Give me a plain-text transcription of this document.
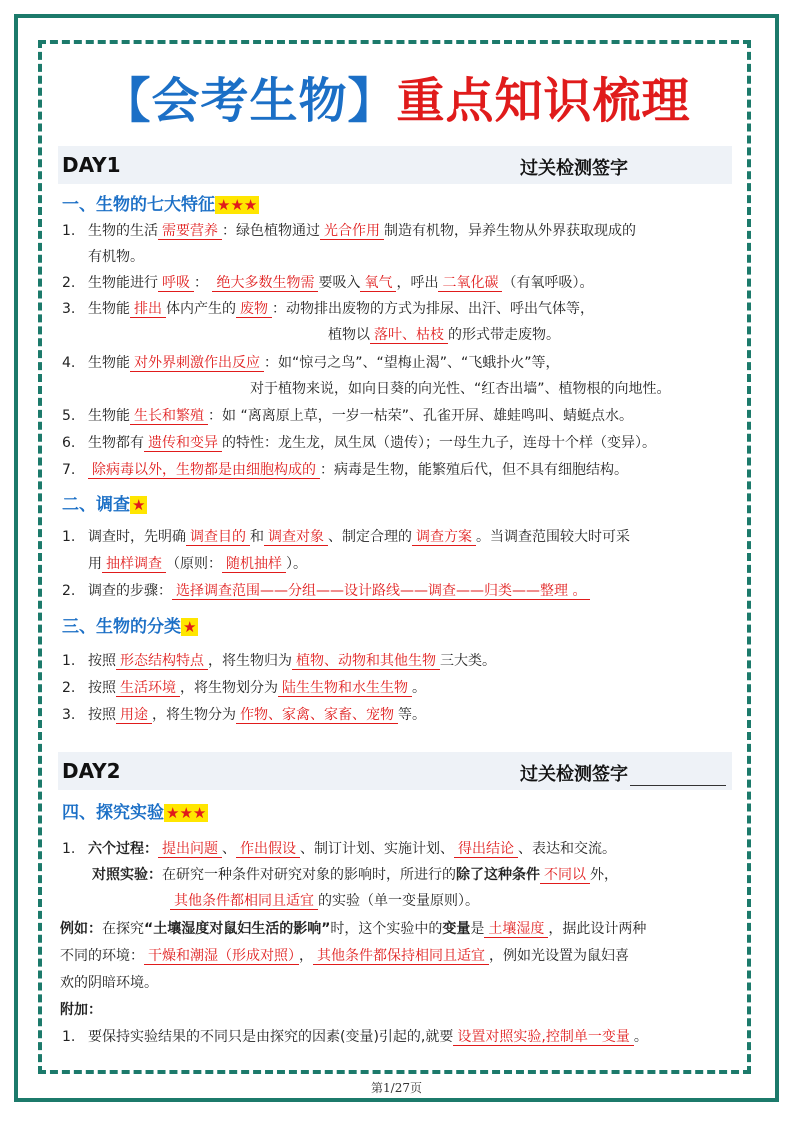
【会考生物】重点知识梳理
DAY1	过关检测签字
一、生物的七大特征 ★★★
1. 生物的生活 需要营养 ：绿色植物通过 光合作用 制造有机物，异养生物从外界获取现成的
有机物。
2. 生物能进行 呼吸 ： 绝大多数生物需 要吸入 氧气 ，呼出 二氧化碳 （有氧呼吸）。
3. 生物能 排出 体内产生的 废物 ：动物排出废物的方式为排尿、出汗、呼出气体等，
植物以 落叶、枯枝 的形式带走废物。
4. 生物能 对外界刺激作出反应 ：如“惊弓之鸟”、“望梅止渴”、“飞蛾扑火”等，
对于植物来说，如向日葵的向光性、“红杏出墙”、植物根的向地性。
5. 生物能 生长和繁殖 ：如 “离离原上草，一岁一枯荣”、孔雀开屏、雄蛙鸣叫、蜻蜓点水。
6. 生物都有 遗传和变异 的特性：龙生龙，凤生凤（遗传）；一母生九子，连母十个样（变异）。
7. 除病毒以外，生物都是由细胞构成的 ：病毒是生物，能繁殖后代，但不具有细胞结构。
二、调查 ★
1. 调查时，先明确 调查目的 和 调查对象 、制定合理的 调查方案 。当调查范围较大时可采
用 抽样调查 （原则： 随机抽样 ）。
2. 调查的步骤： 选择调查范围——分组——设计路线——调查——归类——整理 。
三、生物的分类 ★
1. 按照 形态结构特点 ，将生物归为 植物、动物和其他生物 三大类。
2. 按照 生活环境 ，将生物划分为 陆生生物和水生生物 。
3. 按照 用途 ，将生物分为 作物、家禽、家畜、宠物 等。
DAY2	过关检测签字
四、探究实验 ★★★
1. 六个过程： 提出问题 、 作出假设 、制订计划、实施计划、 得出结论 、表达和交流。
对照实验：在研究一种条件对研究对象的影响时，所进行的除了这种条件 不同以 外，
其他条件都相同且适宜 的实验（单一变量原则）。
例如：在探究“土壤湿度对鼠妇生活的影响”时，这个实验中的变量是 土壤湿度 ，据此设计两种
不同的环境： 干燥和潮湿（形成对照） ， 其他条件都保持相同且适宜 ，例如光设置为鼠妇喜
欢的阴暗环境。
附加：
1. 要保持实验结果的不同只是由探究的因素(变量)引起的,就要 设置对照实验,控制单一变量 。
第1/27页
